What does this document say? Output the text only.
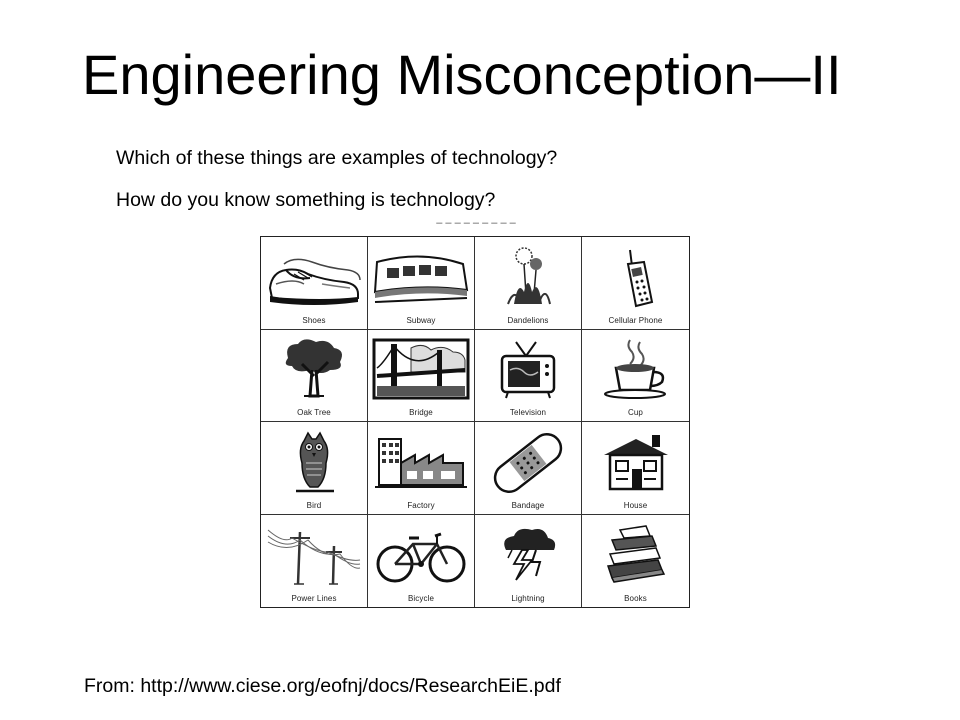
Engineering Misconception—II
Which of these things are examples of technology?
How do you know something is technology?
– – – – – – – – –
Shoes	Subway	Dandelions	Cellular Phone
Oak Tree	Bridge	Television	Cup
Bird	Factory	Bandage	House
Power Lines	Bicycle	Lightning	Books
From: http://www.ciese.org/eofnj/docs/ResearchEiE.pdf
